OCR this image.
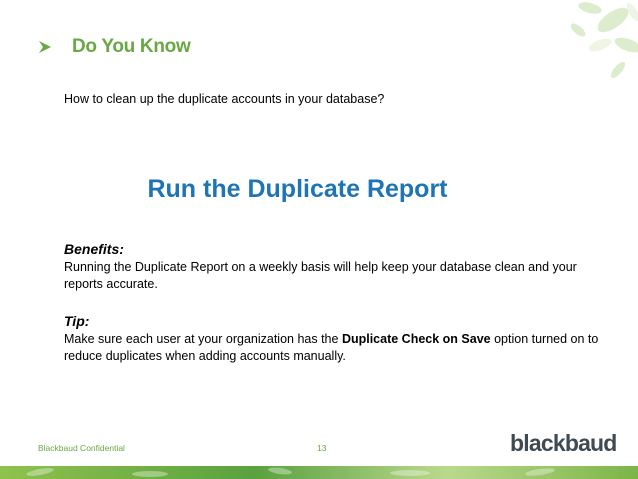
Do You Know
How to clean up the duplicate accounts in your database?
Run the Duplicate Report
Benefits:
Running the Duplicate Report on a weekly basis will help keep your database clean and your reports accurate.
Tip:
Make sure each user at your organization has the Duplicate Check on Save option turned on to reduce duplicates when adding accounts manually.
Blackbaud Confidential	13	blackbaud
